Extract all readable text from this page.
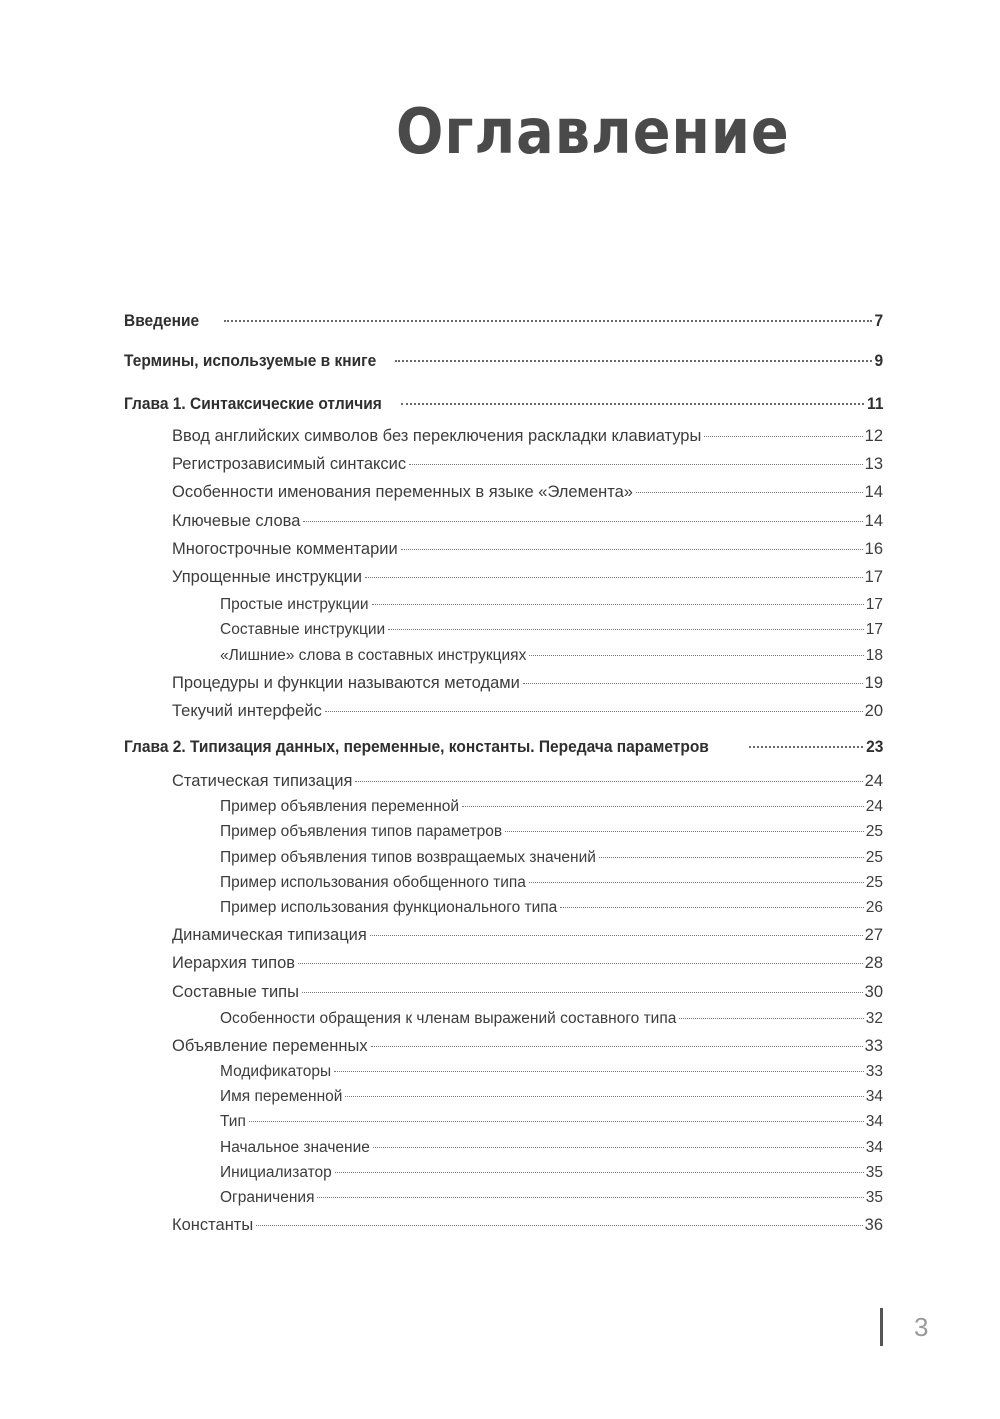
Оглавление
Введение	7
Термины, используемые в книге	9
Глава 1. Синтаксические отличия	11
Ввод английских символов без переключения раскладки клавиатуры	12
Регистрозависимый синтаксис	13
Особенности именования переменных в языке «Элемента»	14
Ключевые слова	14
Многострочные комментарии	16
Упрощенные инструкции	17
Простые инструкции	17
Составные инструкции	17
«Лишние» слова в составных инструкциях	18
Процедуры и функции называются методами	19
Текучий интерфейс	20
Глава 2. Типизация данных, переменные, константы. Передача параметров	23
Статическая типизация	24
Пример объявления переменной	24
Пример объявления типов параметров	25
Пример объявления типов возвращаемых значений	25
Пример использования обобщенного типа	25
Пример использования функционального типа	26
Динамическая типизация	27
Иерархия типов	28
Составные типы	30
Особенности обращения к членам выражений составного типа	32
Объявление переменных	33
Модификаторы	33
Имя переменной	34
Тип	34
Начальное значение	34
Инициализатор	35
Ограничения	35
Константы	36
3
